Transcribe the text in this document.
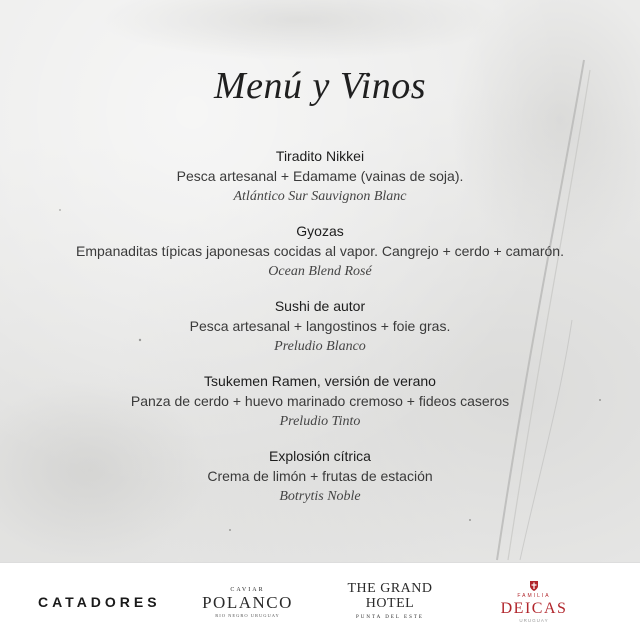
Menú y Vinos
Tiradito Nikkei
Pesca artesanal + Edamame (vainas de soja).
Atlántico Sur Sauvignon Blanc
Gyozas
Empanaditas típicas japonesas cocidas al vapor. Cangrejo + cerdo + camarón.
Ocean Blend Rosé
Sushi de autor
Pesca artesanal + langostinos + foie gras.
Preludio Blanco
Tsukemen Ramen, versión de verano
Panza de cerdo + huevo marinado cremoso + fideos caseros
Preludio Tinto
Explosión cítrica
Crema de limón + frutas de estación
Botrytis Noble
CATADORES
CAVIAR
POLANCO
RIO NEGRO URUGUAY
THE GRAND
HOTEL
PUNTA DEL ESTE
FAMILIA
DEICAS
URUGUAY
